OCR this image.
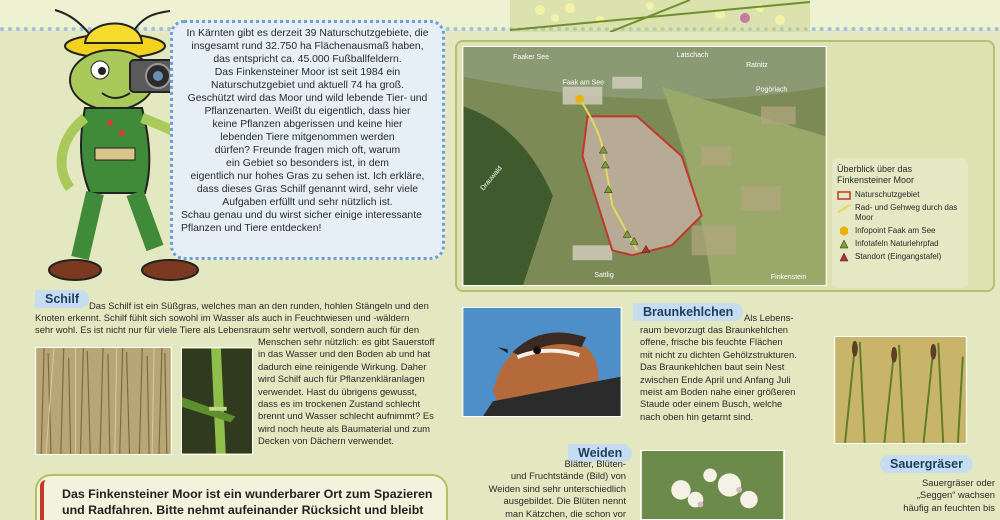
In Kärnten gibt es derzeit 39 Naturschutzgebiete, die

insgesamt rund 32.750 ha Flächenausmaß haben,

das entspricht ca. 45.000 Fußballfeldern.

Das Finkensteiner Moor ist seit 1984 ein

Naturschutzgebiet und aktuell 74 ha groß.

Geschützt wird das Moor und wild lebende Tier- und

Pflanzenarten. Weißt du eigentlich, dass hier

keine Pflanzen abgerissen und keine hier

lebenden Tiere mitgenommen werden

dürfen? Freunde fragen mich oft, warum

ein Gebiet so besonders ist, in dem

eigentlich nur hohes Gras zu sehen ist. Ich erkläre,

dass dieses Gras Schilf genannt wird, sehr viele

Aufgaben erfüllt und sehr nützlich ist.

Schau genau und du wirst sicher einige interessante

Pflanzen und Tiere entdecken!

Faaker See	Latschach
Ratnitz
Pogöriach
Faak am See
Sattlig	Finkenstein
Drauwald	Überblick über das Finkensteiner Moor
Naturschutzgebiet
Rad- und Gehweg durch das Moor
Infopoint Faak am See
Infotafeln Naturlehrpfad
Standort (Eingangstafel)
Schilf	Das Schilf ist ein Süßgras, welches man an den runden, hohlen Stängeln und den
Knoten erkennt. Schilf fühlt sich sowohl im Wasser als auch in Feuchtwiesen und -wäldern
sehr wohl. Es ist nicht nur für viele Tiere als Lebensraum sehr wertvoll, sondern auch für den
Menschen sehr nützlich: es gibt Sauerstoff
in das Wasser und den Boden ab und hat
dadurch eine reinigende Wirkung. Daher
wird Schilf auch für Pflanzenkläranlagen
verwendet. Hast du übrigens gewusst,
dass es im trockenen Zustand schlecht
brennt und Wasser schlecht aufnimmt? Es
wird noch heute als Baumaterial und zum
Decken von Dächern verwendet.
Braunkehlchen	Als Lebens-
raum bevorzugt das Braunkehlchen
offene, frische bis feuchte Flächen
mit nicht zu dichten Gehölzstrukturen.
Das Braunkehlchen baut sein Nest
zwischen Ende April und Anfang Juli
meist am Boden nahe einer größeren
Staude oder einem Busch, welche
nach oben hin getarnt sind.
Weiden
Blätter, Blüten-
und Fruchtstände (Bild) von
Weiden sind sehr unterschiedlich
ausgebildet. Die Blüten nennt
man Kätzchen, die schon vor
Sauergräser
Sauergräser oder
„Seggen“ wachsen
häufig an feuchten bis
Das Finkensteiner Moor ist ein wunderbarer Ort zum Spazieren
und Radfahren. Bitte nehmt aufeinander Rücksicht und bleibt
